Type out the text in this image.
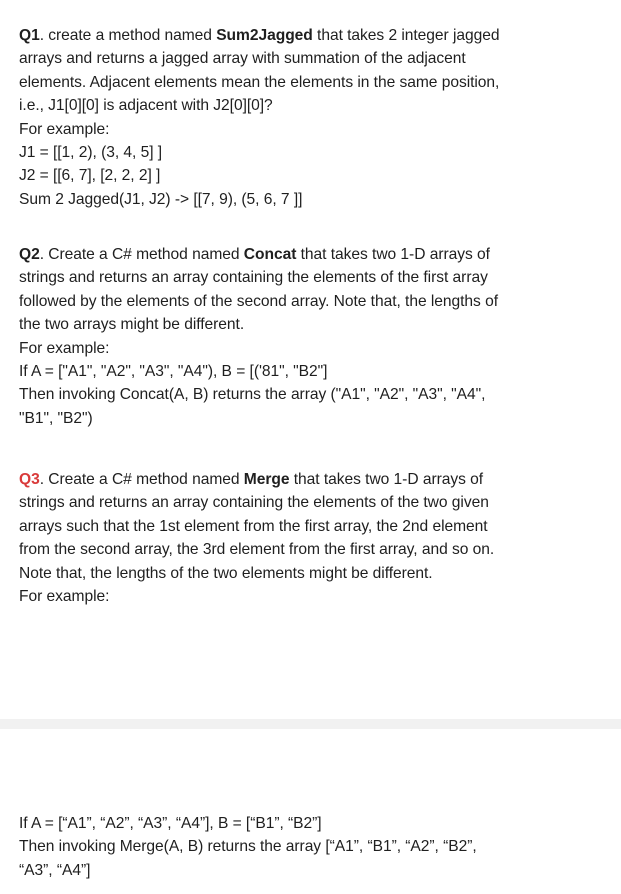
Q1. create a method named Sum2Jagged that takes 2 integer jagged
arrays and returns a jagged array with summation of the adjacent
elements. Adjacent elements mean the elements in the same position,
i.e., J1[0][0] is adjacent with J2[0][0]?
For example:
J1 = [[1, 2), (3, 4, 5] ]
J2 = [[6, 7], [2, 2, 2] ]
Sum 2 Jagged(J1, J2) -> [[7, 9), (5, 6, 7 ]]
Q2. Create a C# method named Concat that takes two 1-D arrays of
strings and returns an array containing the elements of the first array
followed by the elements of the second array. Note that, the lengths of
the two arrays might be different.
For example:
If A = ["A1", "A2", "A3", "A4"), B = [('81", "B2"]
Then invoking Concat(A, B) returns the array ("A1", "A2", "A3", "A4",
"B1", "B2")
Q3. Create a C# method named Merge that takes two 1-D arrays of
strings and returns an array containing the elements of the two given
arrays such that the 1st element from the first array, the 2nd element
from the second array, the 3rd element from the first array, and so on.
Note that, the lengths of the two elements might be different.
For example:
If A = [“A1”, “A2”, “A3”, “A4”], B = [“B1”, “B2”]
Then invoking Merge(A, B) returns the array [“A1”, “B1”, “A2”, “B2”,
“A3”, “A4”]
